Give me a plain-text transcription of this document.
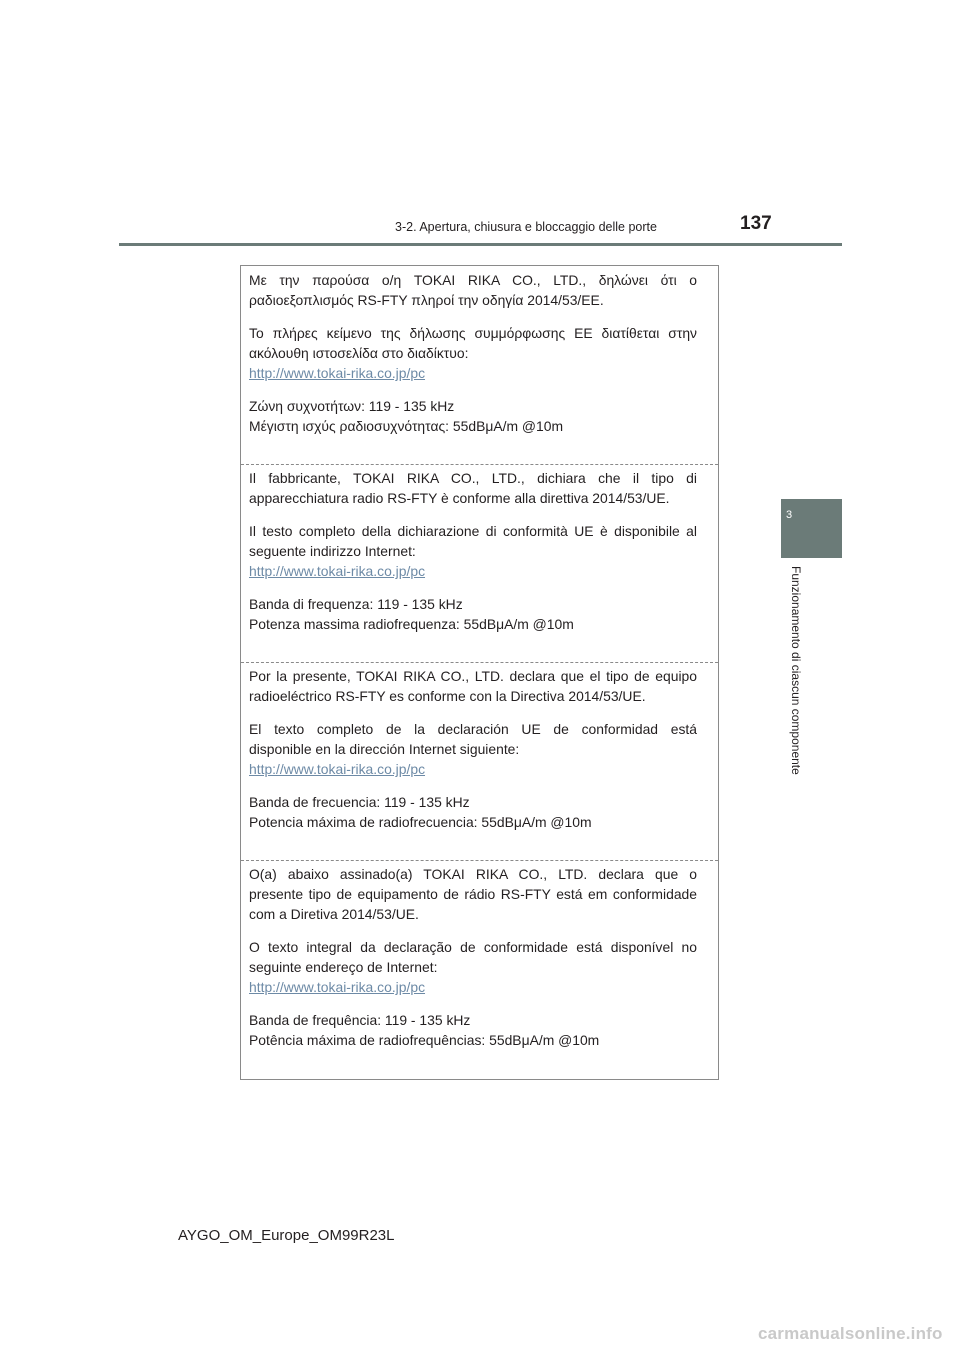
3-2. Apertura, chiusura e bloccaggio delle porte	137
3
Funzionamento di ciascun componente

Με την παρούσα ο/η TOKAI RIKA CO., LTD., δηλώνει ότι ο

ραδιοεξοπλισμός RS-FTY πληροί την οδηγία 2014/53/ΕΕ.

Το πλήρες κείμενο της δήλωσης συμμόρφωσης ΕΕ διατίθεται στην

ακόλουθη ιστοσελίδα στο διαδίκτυο:

http://www.tokai-rika.co.jp/pc

Ζώνη συχνοτήτων: 119 - 135 kHz

Μέγιστη ισχύς ραδιοσυχνότητας: 55dBμA/m @10m

Il fabbricante, TOKAI RIKA CO., LTD., dichiara che il tipo di

apparecchiatura radio RS-FTY è conforme alla direttiva 2014/53/UE.

Il testo completo della dichiarazione di conformità UE è disponibile al

seguente indirizzo Internet:

http://www.tokai-rika.co.jp/pc

Banda di frequenza: 119 - 135 kHz

Potenza massima radiofrequenza: 55dBμA/m @10m

Por la presente, TOKAI RIKA CO., LTD. declara que el tipo de equipo

radioeléctrico RS-FTY es conforme con la Directiva 2014/53/UE.

El texto completo de la declaración UE de conformidad está

disponible en la dirección Internet siguiente:

http://www.tokai-rika.co.jp/pc

Banda de frecuencia: 119 - 135 kHz

Potencia máxima de radiofrecuencia: 55dBμA/m @10m

O(a) abaixo assinado(a) TOKAI RIKA CO., LTD. declara que o

presente tipo de equipamento de rádio RS-FTY está em conformidade

com a Diretiva 2014/53/UE.

O texto integral da declaração de conformidade está disponível no

seguinte endereço de Internet:

http://www.tokai-rika.co.jp/pc

Banda de frequência: 119 - 135 kHz

Potência máxima de radiofrequências: 55dBμA/m @10m

AYGO_OM_Europe_OM99R23L
carmanualsonline.info
